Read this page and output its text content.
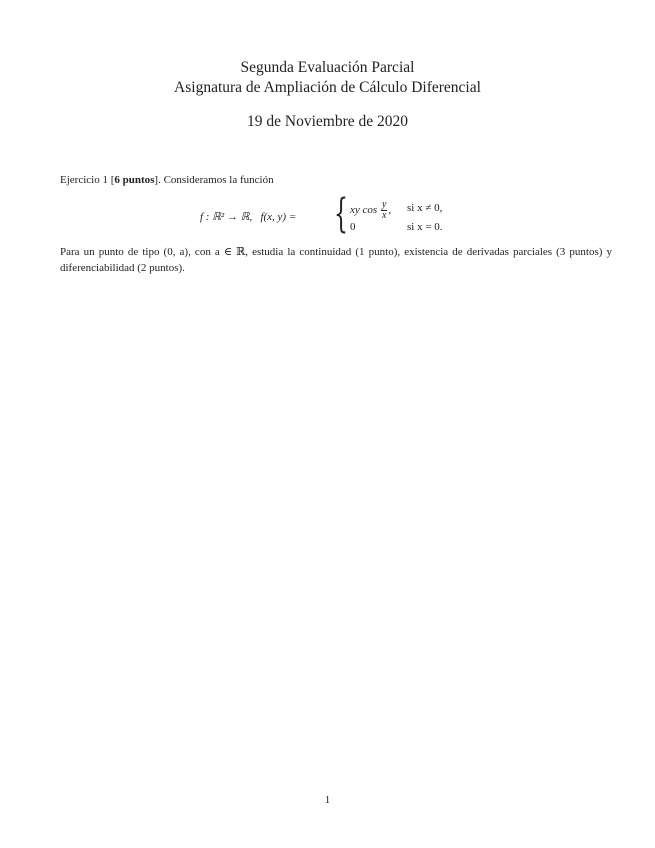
Segunda Evaluación Parcial

Asignatura de Ampliación de Cálculo Diferencial

19 de Noviembre de 2020

Ejercicio 1 [6 puntos]. Consideramos la función

f : ℝ² → ℝ, f(x, y) = { xy $\cos \frac{y}{x}$ , si x ≠ 0,
0	si x = 0.

Para un punto de tipo (0, a), con a ∈ ℝ, estudia la continuidad (1 punto), existencia de derivadas parciales (3 puntos) y diferenciabilidad (2 puntos).

1
